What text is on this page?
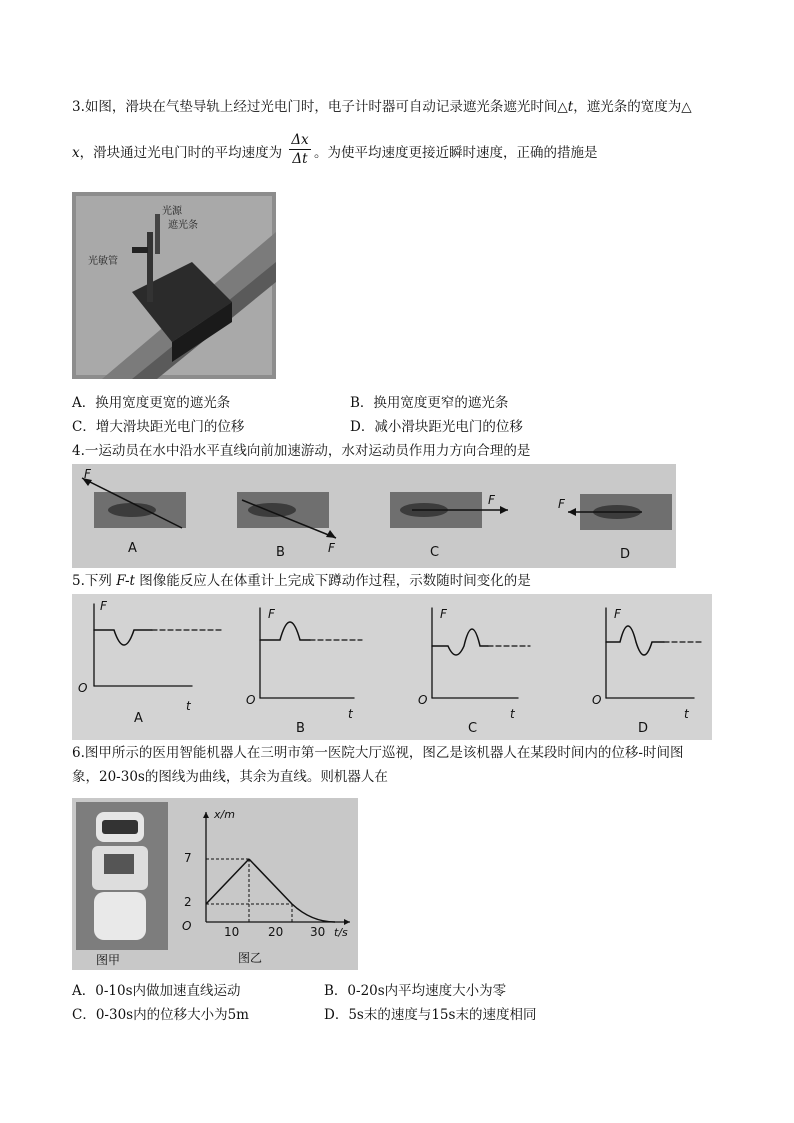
3.如图，滑块在气垫导轨上经过光电门时，电子计时器可自动记录遮光条遮光时间△t，遮光条的宽度为△
x，滑块通过光电门时的平均速度为 $\frac{\Delta x}{\Delta t}$ 。为使平均速度更接近瞬时速度，正确的措施是
光源
遮光条
光敏管
A．换用宽度更宽的遮光条	B．换用宽度更窄的遮光条
C．增大滑块距光电门的位移	D．减小滑块距光电门的位移
4.一运动员在水中沿水平直线向前加速游动，水对运动员作用力方向合理的是
F
A	F
B
F
C
F
D
5.下列 F-t 图像能反应人在体重计上完成下蹲动作过程，示数随时间变化的是
F
t
O
A
F
t
O
B
F
t
O
C
F
t
O
D
6.图甲所示的医用智能机器人在三明市第一医院大厅巡视，图乙是该机器人在某段时间内的位移-时间图
象，20-30s的图线为曲线，其余为直线。则机器人在
图甲
x/m
t/s
O
7
2
10 20 30
图乙
A．0-10s内做加速直线运动	B．0-20s内平均速度大小为零
C．0-30s内的位移大小为5m	D．5s末的速度与15s末的速度相同
